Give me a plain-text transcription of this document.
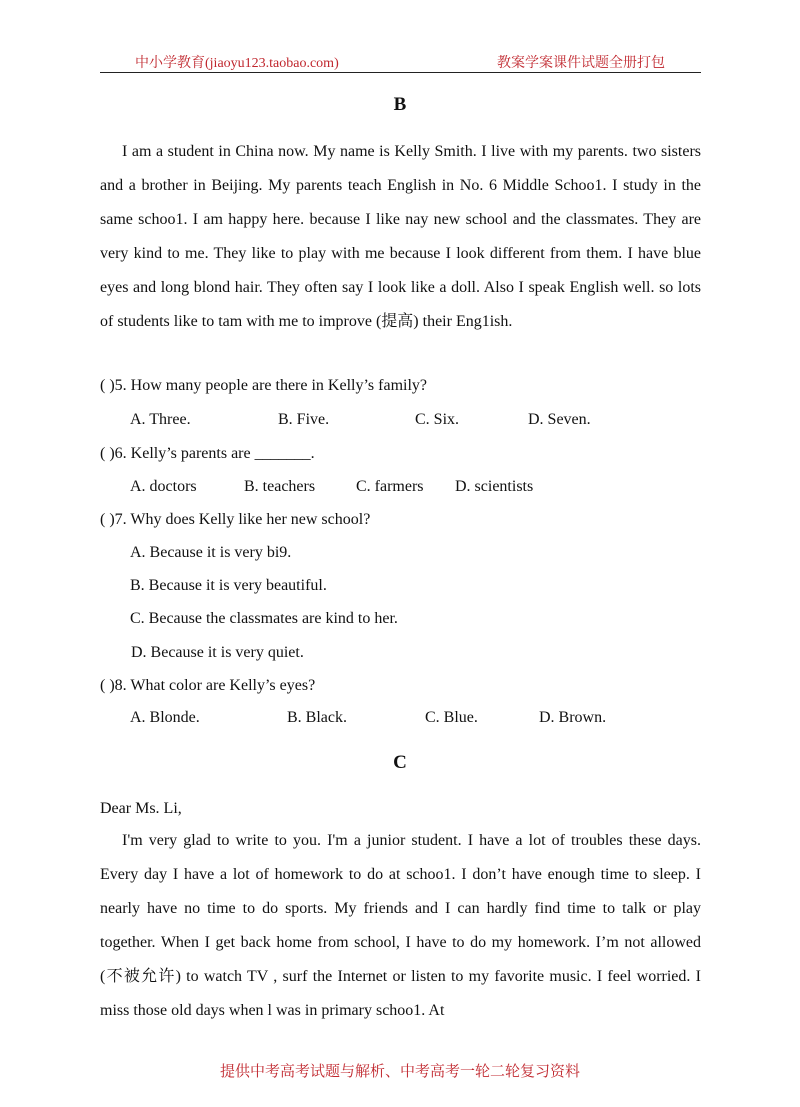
中小学教育(jiaoyu123.taobao.com)	教案学案课件试题全册打包
B

I am a student in China now. My name is Kelly Smith. I live with my parents. two sisters and a brother in Beijing. My parents teach English in No. 6 Middle Schoo1. I study in the same schoo1. I am happy here. because I like nay new school and the classmates. They are very kind to me. They like to play with me because I look different from them. I have blue eyes and long blond hair. They often say I look like a doll. Also I speak English well. so lots of students like to tam with me to improve (提高) their Eng1ish.

( )5. How many people are there in Kelly’s family?
A. Three.	B. Five.	C. Six.	D. Seven.
( )6. Kelly’s parents are _______.
A. doctors	B. teachers	C. farmers D. scientists
( )7. Why does Kelly like her new school?
A. Because it is very bi9.
B. Because it is very beautiful.
C. Because the classmates are kind to her.
D. Because it is very quiet.
( )8. What color are Kelly’s eyes?
A. Blonde.	B. Black.	C. Blue.	D. Brown.
C
Dear Ms. Li,

I'm very glad to write to you. I'm a junior student. I have a lot of troubles these days. Every day I have a lot of homework to do at schoo1. I don’t have enough time to sleep. I nearly have no time to do sports. My friends and I can hardly find time to talk or play together. When I get back home from school, I have to do my homework. I’m not allowed (不被允许) to watch TV , surf the Internet or listen to my favorite music. I feel worried. I miss those old days when l was in primary schoo1. At

提供中考高考试题与解析、中考高考一轮二轮复习资料
